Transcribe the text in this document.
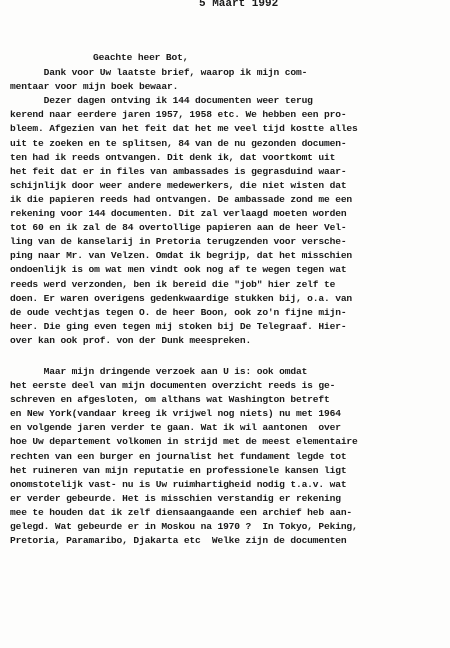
5 Maart 1992
Geachte heer Bot,
Dank voor Uw laatste brief, waarop ik mijn com-
mentaar voor mijn boek bewaar.
Dezer dagen ontving ik 144 documenten weer terug
kerend naar eerdere jaren 1957, 1958 etc. We hebben een pro-
bleem. Afgezien van het feit dat het me veel tijd kostte alles
uit te zoeken en te splitsen, 84 van de nu gezonden documen-
ten had ik reeds ontvangen. Dit denk ik, dat voortkomt uit
het feit dat er in files van ambassades is gegrasduind waar-
schijnlijk door weer andere medewerkers, die niet wisten dat
ik die papieren reeds had ontvangen. De ambassade zond me een
rekening voor 144 documenten. Dit zal verlaagd moeten worden
tot 60 en ik zal de 84 overtollige papieren aan de heer Vel-
ling van de kanselarij in Pretoria terugzenden voor versche-
ping naar Mr. van Velzen. Omdat ik begrijp, dat het misschien
ondoenlijk is om wat men vindt ook nog af te wegen tegen wat
reeds werd verzonden, ben ik bereid die "job" hier zelf te
doen. Er waren overigens gedenkwaardige stukken bij, o.a. van
de oude vechtjas tegen O. de heer Boon, ook zo'n fijne mijn-
heer. Die ging even tegen mij stoken bij De Telegraaf. Hier-
over kan ook prof. von der Dunk meespreken.
Maar mijn dringende verzoek aan U is: ook omdat
het eerste deel van mijn documenten overzicht reeds is ge-
schreven en afgesloten, om althans wat Washington betreft
en New York(vandaar kreeg ik vrijwel nog niets) nu met 1964
en volgende jaren verder te gaan. Wat ik wil aantonen  over
hoe Uw departement volkomen in strijd met de meest elementaire
rechten van een burger en journalist het fundament legde tot
het ruineren van mijn reputatie en professionele kansen ligt
onomstotelijk vast- nu is Uw ruimhartigheid nodig t.a.v. wat
er verder gebeurde. Het is misschien verstandig er rekening
mee te houden dat ik zelf diensaangaande een archief heb aan-
gelegd. Wat gebeurde er in Moskou na 1970 ?  In Tokyo, Peking,
Pretoria, Paramaribo, Djakarta etc  Welke zijn de documenten
